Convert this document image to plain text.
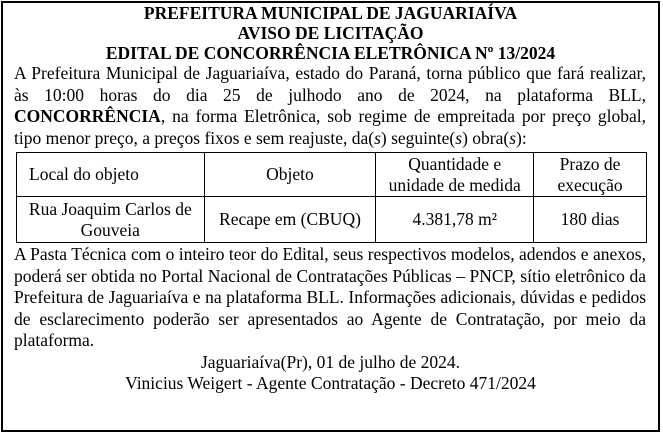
PREFEITURA MUNICIPAL DE JAGUARIAÍVA
AVISO DE LICITAÇÃO
EDITAL DE CONCORRÊNCIA ELETRÔNICA Nº 13/2024
A Prefeitura Municipal de Jaguariaíva, estado do Paraná, torna público que fará realizar, às 10:00 horas do dia 25 de julhodo ano de 2024, na plataforma BLL, CONCORRÊNCIA, na forma Eletrônica, sob regime de empreitada por preço global, tipo menor preço, a preços fixos e sem reajuste, da(s) seguinte(s) obra(s):
Local do objeto	Objeto	Quantidade e unidade de medida	Prazo de execução
Rua Joaquim Carlos de Gouveia	Recape em (CBUQ)	4.381,78 m²	180 dias
A Pasta Técnica com o inteiro teor do Edital, seus respectivos modelos, adendos e anexos, poderá ser obtida no Portal Nacional de Contratações Públicas – PNCP, sítio eletrônico da Prefeitura de Jaguariaíva e na plataforma BLL. Informações adicionais, dúvidas e pedidos de esclarecimento poderão ser apresentados ao Agente de Contratação, por meio da plataforma.
Jaguariaíva(Pr), 01 de julho de 2024.
Vinicius Weigert - Agente Contratação - Decreto 471/2024
